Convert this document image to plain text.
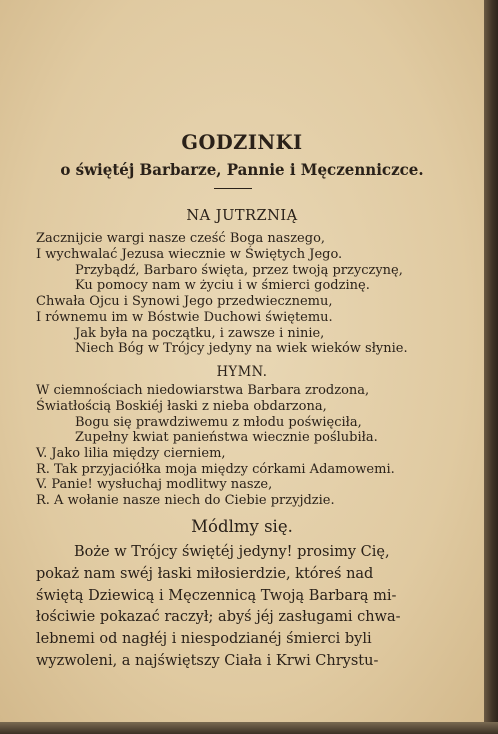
GODZINKI
o świętéj Barbarze, Pannie i Męczenniczce.
NA JUTRZNIĄ
Zacznijcie wargi nasze cześć Boga naszego,
I wychwalać Jezusa wiecznie w Świętych Jego.
Przybądź, Barbaro święta, przez twoją przyczynę,
Ku pomocy nam w życiu i w śmierci godzinę.
Chwała Ojcu i Synowi Jego przedwiecznemu,
I równemu im w Bóstwie Duchowi świętemu.
Jak była na początku, i zawsze i ninie,
Niech Bóg w Trójcy jedyny na wiek wieków słynie.
HYMN.
W ciemnościach niedowiarstwa Barbara zrodzona,
Światłością Boskiéj łaski z nieba obdarzona,
Bogu się prawdziwemu z młodu poświęciła,
Zupełny kwiat panieństwa wiecznie poślubiła.
V. Jako lilia między cierniem,
R. Tak przyjaciółka moja między córkami Adamowemi.
V. Panie! wysłuchaj modlitwy nasze,
R. A wołanie nasze niech do Ciebie przyjdzie.
Módlmy się.
Boże w Trójcy świętéj jedyny! prosimy Cię,
pokaż nam swéj łaski miłosierdzie, któreś nad
świętą Dziewicą i Męczennicą Twoją Barbarą mi-
łościwie pokazać raczył; abyś jéj zasługami chwa-
lebnemi od nagłéj i niespodzianéj śmierci byli
wyzwoleni, a najświętszy Ciała i Krwi Chrystu-
